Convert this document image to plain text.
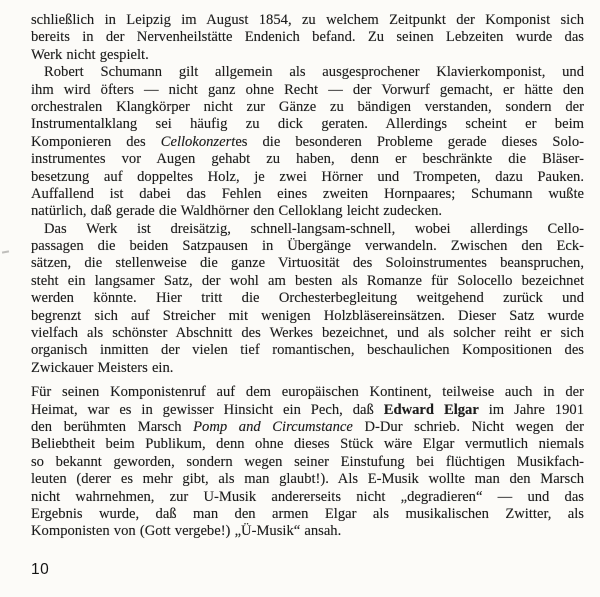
schließlich in Leipzig im August 1854, zu welchem Zeitpunkt der Komponist sich
bereits in der Nervenheilstätte Endenich befand. Zu seinen Lebzeiten wurde das
Werk nicht gespielt.
Robert Schumann gilt allgemein als ausgesprochener Klavierkomponist, und
ihm wird öfters — nicht ganz ohne Recht — der Vorwurf gemacht, er hätte den
orchestralen Klangkörper nicht zur Gänze zu bändigen verstanden, sondern der
Instrumentalklang sei häufig zu dick geraten. Allerdings scheint er beim
Komponieren des Cellokonzertes die besonderen Probleme gerade dieses Solo-
instrumentes vor Augen gehabt zu haben, denn er beschränkte die Bläser-
besetzung auf doppeltes Holz, je zwei Hörner und Trompeten, dazu Pauken.
Auffallend ist dabei das Fehlen eines zweiten Hornpaares; Schumann wußte
natürlich, daß gerade die Waldhörner den Celloklang leicht zudecken.
Das Werk ist dreisätzig, schnell-langsam-schnell, wobei allerdings Cello-
passagen die beiden Satzpausen in Übergänge verwandeln. Zwischen den Eck-
sätzen, die stellenweise die ganze Virtuosität des Soloinstrumentes beanspruchen,
steht ein langsamer Satz, der wohl am besten als Romanze für Solocello bezeichnet
werden könnte. Hier tritt die Orchesterbegleitung weitgehend zurück und
begrenzt sich auf Streicher mit wenigen Holzbläsereinsätzen. Dieser Satz wurde
vielfach als schönster Abschnitt des Werkes bezeichnet, und als solcher reiht er sich
organisch inmitten der vielen tief romantischen, beschaulichen Kompositionen des
Zwickauer Meisters ein.
Für seinen Komponistenruf auf dem europäischen Kontinent, teilweise auch in der
Heimat, war es in gewisser Hinsicht ein Pech, daß Edward Elgar im Jahre 1901
den berühmten Marsch Pomp and Circumstance D-Dur schrieb. Nicht wegen der
Beliebtheit beim Publikum, denn ohne dieses Stück wäre Elgar vermutlich niemals
so bekannt geworden, sondern wegen seiner Einstufung bei flüchtigen Musikfach-
leuten (derer es mehr gibt, als man glaubt!). Als E-Musik wollte man den Marsch
nicht wahrnehmen, zur U-Musik andererseits nicht „degradieren“ — und das
Ergebnis wurde, daß man den armen Elgar als musikalischen Zwitter, als
Komponisten von (Gott vergebe!) „Ü-Musik“ ansah.
10
